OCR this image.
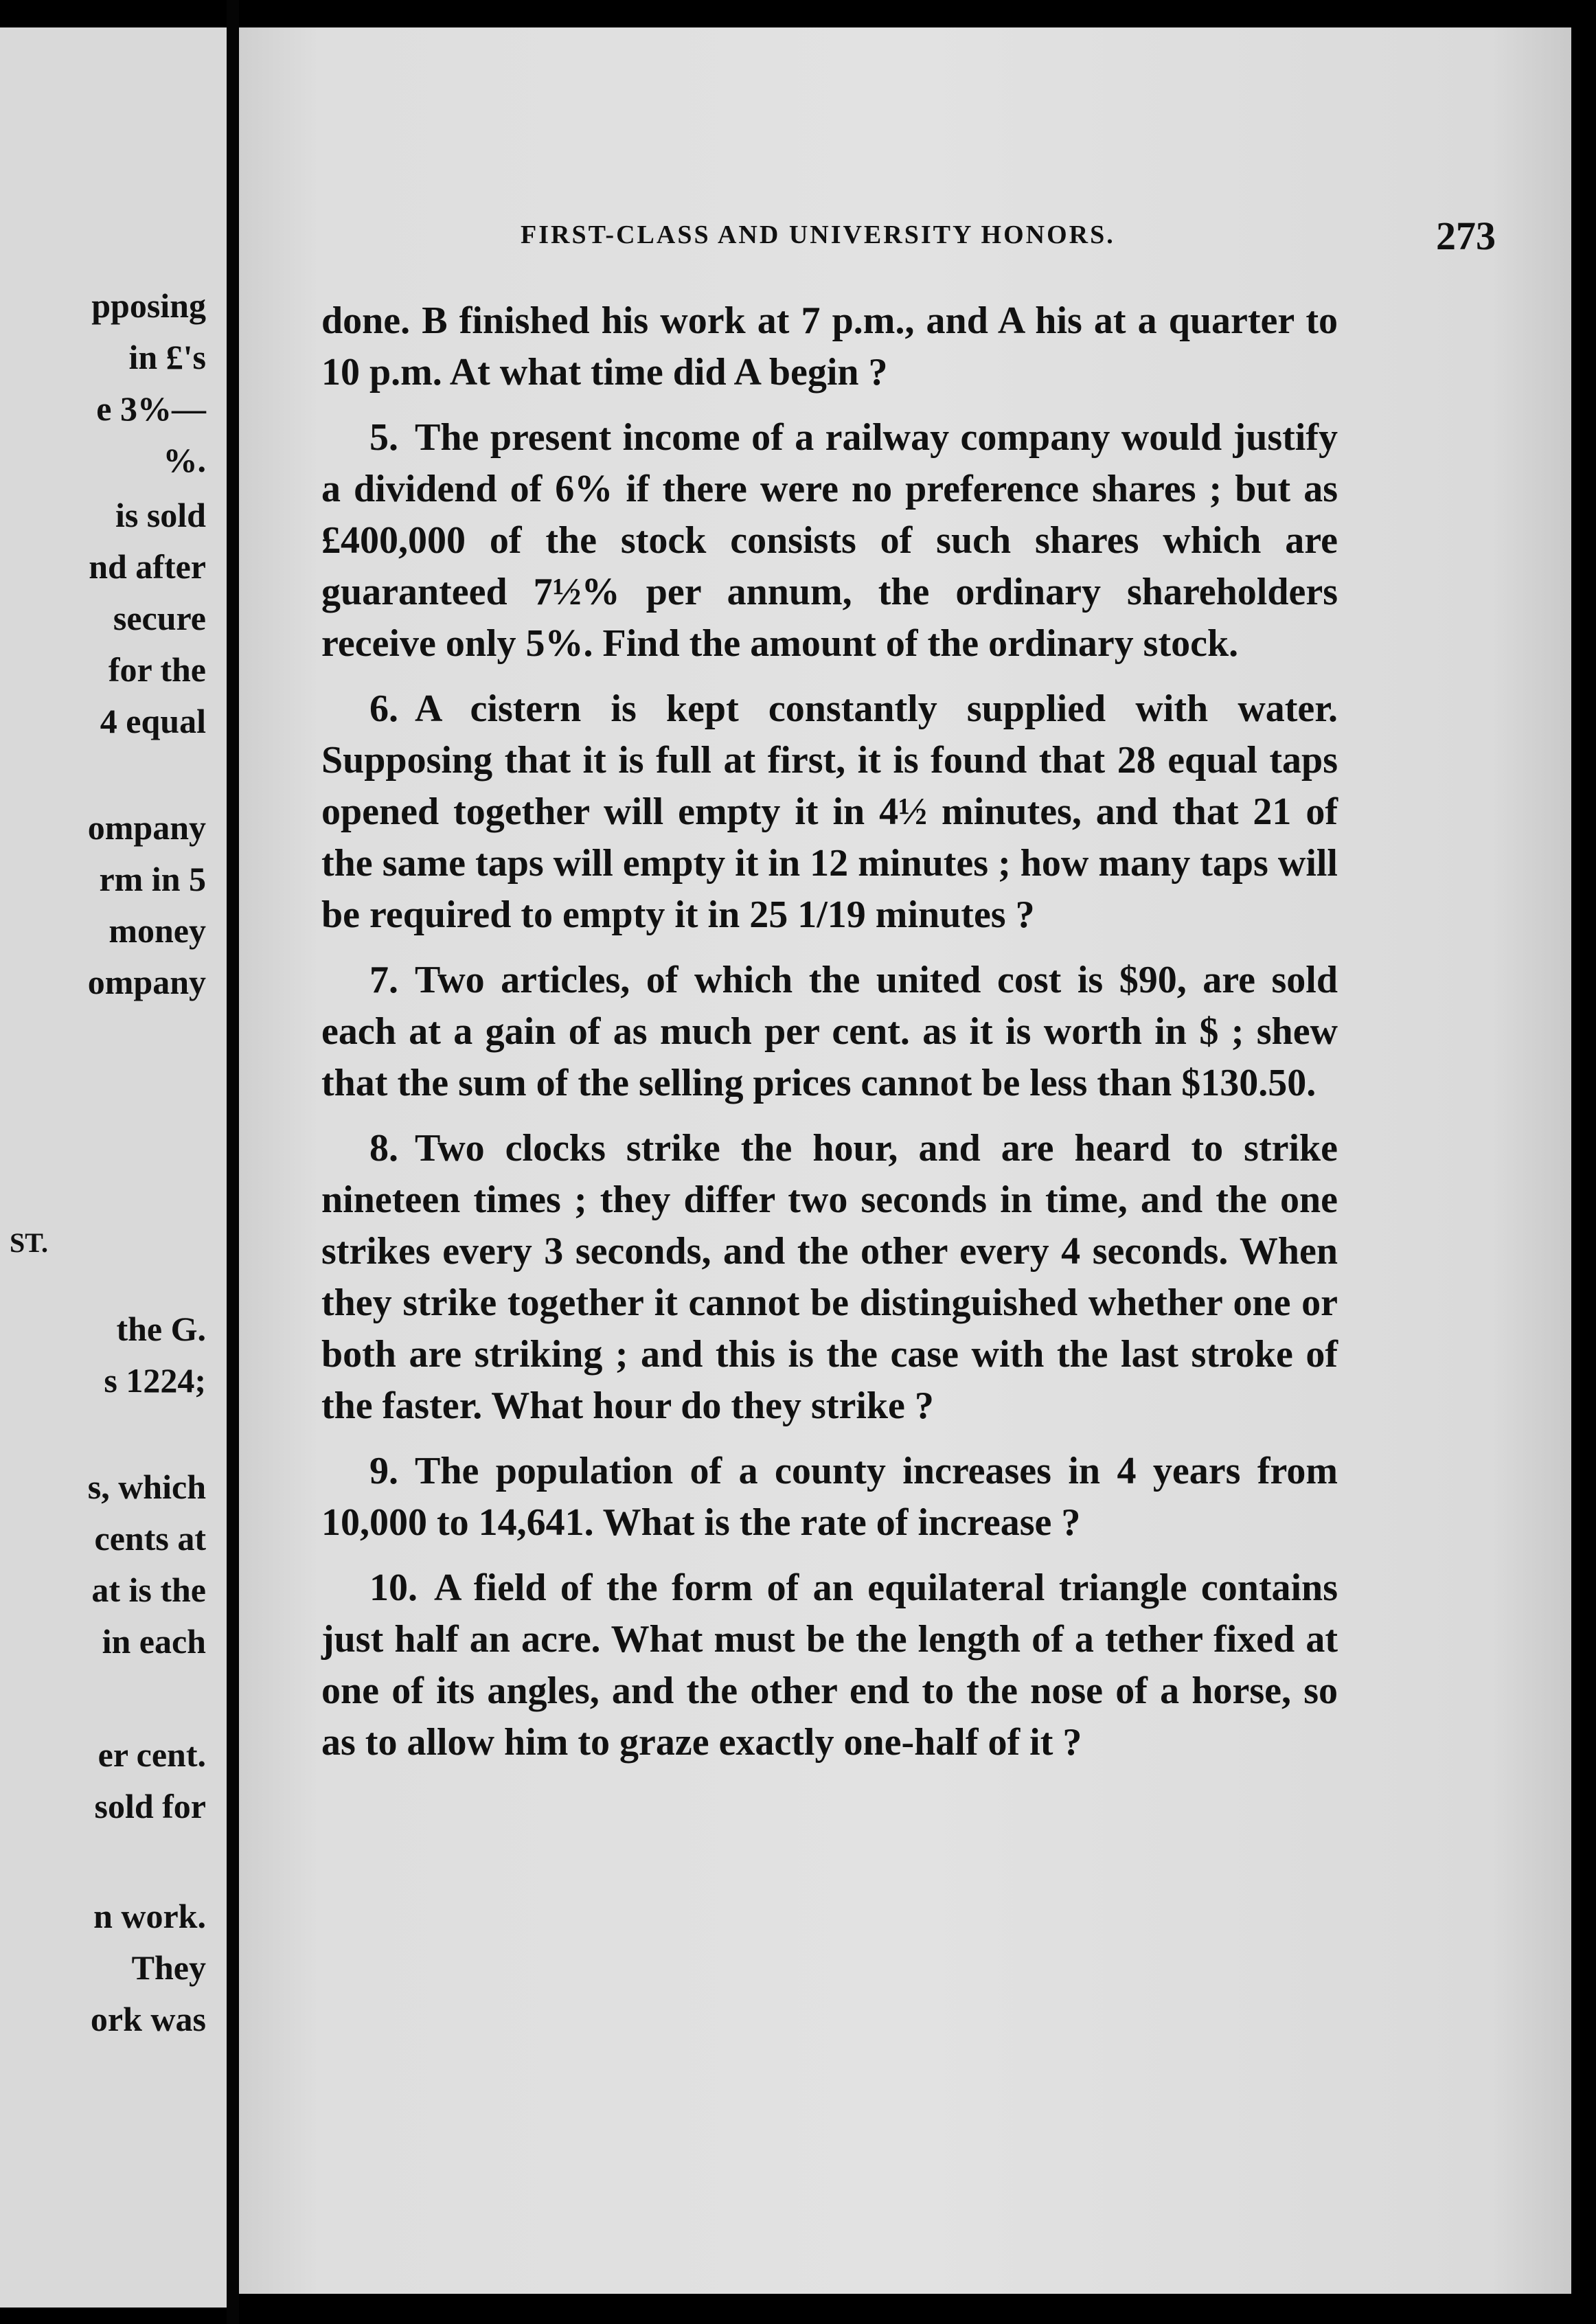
pposing
in £'s
e 3%—
%.
is sold
nd after
secure
for the
4 equal
ompany
rm in 5
money
ompany
ST.
the G.
s 1224;
s, which
cents at
at is the
in each
er cent.
sold for
n work.
They
ork was
FIRST-CLASS AND UNIVERSITY HONORS.	273

done. B finished his work at 7 p.m., and A his at a quarter to 10 p.m. At what time did A begin ?

5. The present income of a railway company would justify a dividend of 6% if there were no preference shares ; but as £400,000 of the stock consists of such shares which are guaranteed 7½% per annum, the ordinary shareholders receive only 5%. Find the amount of the ordinary stock.

6. A cistern is kept constantly supplied with water. Supposing that it is full at first, it is found that 28 equal taps opened together will empty it in 4½ minutes, and that 21 of the same taps will empty it in 12 minutes ; how many taps will be required to empty it in 25 1/19 minutes ?

7. Two articles, of which the united cost is $90, are sold each at a gain of as much per cent. as it is worth in $ ; shew that the sum of the selling prices cannot be less than $130.50.

8. Two clocks strike the hour, and are heard to strike nineteen times ; they differ two seconds in time, and the one strikes every 3 seconds, and the other every 4 seconds. When they strike together it cannot be distinguished whether one or both are striking ; and this is the case with the last stroke of the faster. What hour do they strike ?

9. The population of a county increases in 4 years from 10,000 to 14,641. What is the rate of increase ?

10. A field of the form of an equilateral triangle contains just half an acre. What must be the length of a tether fixed at one of its angles, and the other end to the nose of a horse, so as to allow him to graze exactly one-half of it ?
